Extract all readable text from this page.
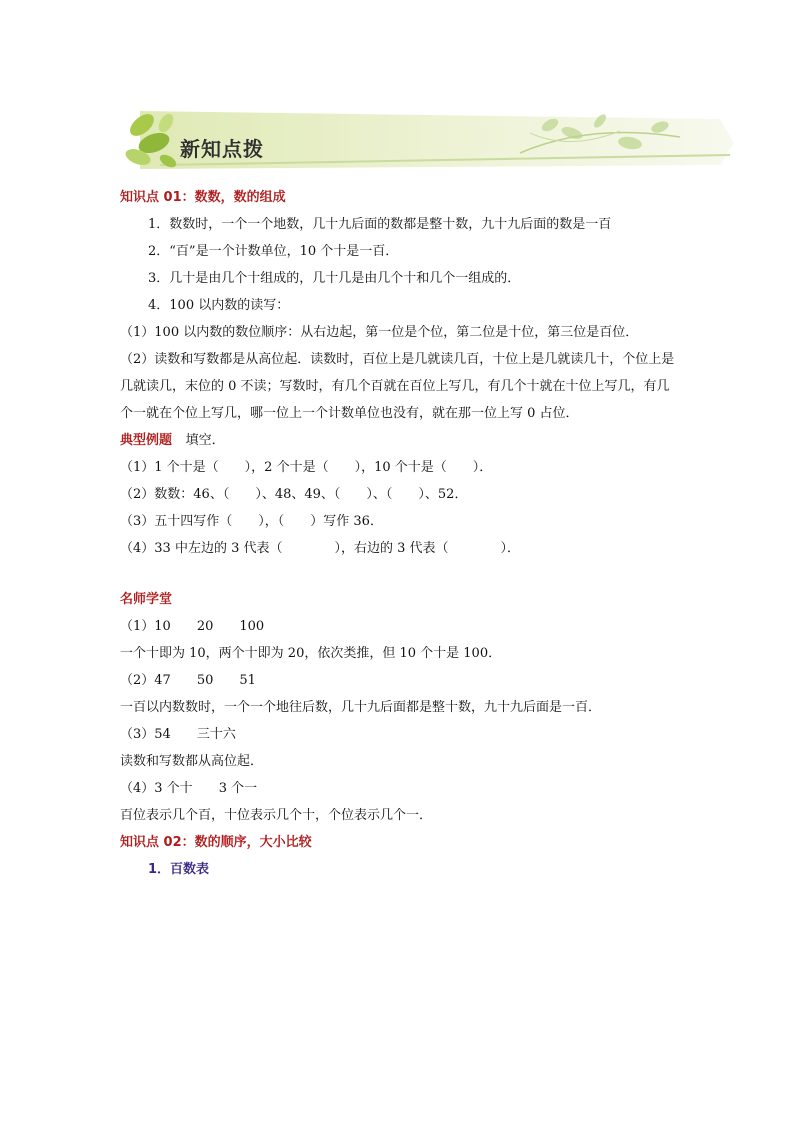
新知点拨

知识点 01：数数，数的组成

1．数数时，一个一个地数，几十九后面的数都是整十数，九十九后面的数是一百

2．“百”是一个计数单位，10 个十是一百．

3．几十是由几个十组成的，几十几是由几个十和几个一组成的．

4．100 以内数的读写：

（1）100 以内数的数位顺序：从右边起，第一位是个位，第二位是十位，第三位是百位．

（2）读数和写数都是从高位起．读数时，百位上是几就读几百，十位上是几就读几十，个位上是几就读几，末位的 0 不读；写数时，有几个百就在百位上写几，有几个十就在十位上写几，有几个一就在个位上写几，哪一位上一个计数单位也没有，就在那一位上写 0 占位．

典型例题 填空．

（1）1 个十是（　　），2 个十是（　　），10 个十是（　　）．

（2）数数：46、（　　）、48、49、（　　）、（　　）、52．

（3）五十四写作（　　），（　　）写作 36．

（4）33 中左边的 3 代表（　　　　），右边的 3 代表（　　　　）．

名师学堂

（1）10 20 100

一个十即为 10，两个十即为 20，依次类推，但 10 个十是 100．

（2）47 50 51

一百以内数数时，一个一个地往后数，几十九后面都是整十数，九十九后面是一百．

（3）54 三十六

读数和写数都从高位起．

（4）3 个十 3 个一

百位表示几个百，十位表示几个十，个位表示几个一．

知识点 02：数的顺序，大小比较

1．百数表
